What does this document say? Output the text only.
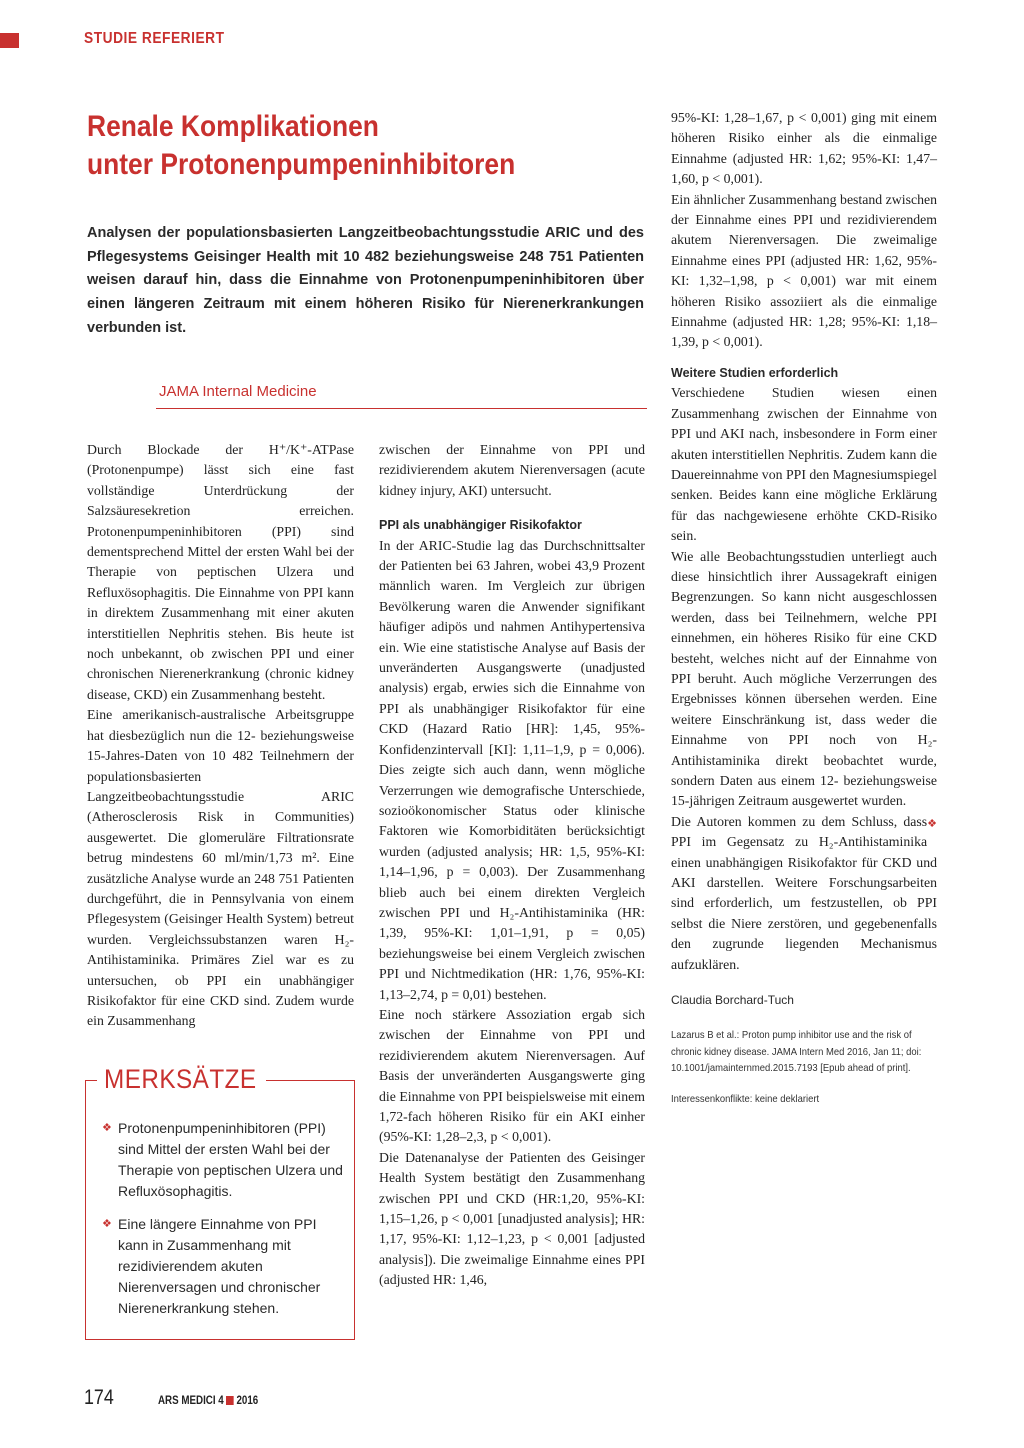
STUDIE REFERIERT
Renale Komplikationen
unter Protonenpumpeninhibitoren

Analysen der populationsbasierten Langzeitbeobachtungsstudie ARIC und des Pflegesystems Geisinger Health mit 10 482 beziehungsweise 248 751 Patienten weisen darauf hin, dass die Einnahme von Protonenpumpeninhibitoren über einen längeren Zeitraum mit einem höheren Risiko für Nierenerkrankungen verbunden ist.

JAMA Internal Medicine

Durch Blockade der H⁺/K⁺-ATPase (Protonenpumpe) lässt sich eine fast vollständige Unterdrückung der Salzsäuresekretion erreichen. Protonenpumpeninhibitoren (PPI) sind dementsprechend Mittel der ersten Wahl bei der Therapie von peptischen Ulzera und Refluxösophagitis. Die Einnahme von PPI kann in direktem Zusammenhang mit einer akuten interstitiellen Nephritis stehen. Bis heute ist noch unbekannt, ob zwischen PPI und einer chronischen Nierenerkrankung (chronic kidney disease, CKD) ein Zusammenhang besteht.

Eine amerikanisch-australische Arbeitsgruppe hat diesbezüglich nun die 12- beziehungsweise 15-Jahres-Daten von 10 482 Teilnehmern der populationsbasierten Langzeitbeobachtungsstudie ARIC (Atherosclerosis Risk in Communities) ausgewertet. Die glomeruläre Filtrationsrate betrug mindestens 60 ml/min/1,73 m². Eine zusätzliche Analyse wurde an 248 751 Patienten durchgeführt, die in Pennsylvania von einem Pflegesystem (Geisinger Health System) betreut wurden. Vergleichssubstanzen waren H₂-Antihistaminika. Primäres Ziel war es zu untersuchen, ob PPI ein unabhängiger Risikofaktor für eine CKD sind. Zudem wurde ein Zusammenhang

zwischen der Einnahme von PPI und rezidivierendem akutem Nierenversagen (acute kidney injury, AKI) untersucht.

PPI als unabhängiger Risikofaktor

In der ARIC-Studie lag das Durchschnittsalter der Patienten bei 63 Jahren, wobei 43,9 Prozent männlich waren. Im Vergleich zur übrigen Bevölkerung waren die Anwender signifikant häufiger adipös und nahmen Antihypertensiva ein. Wie eine statistische Analyse auf Basis der unveränderten Ausgangswerte (unadjusted analysis) ergab, erwies sich die Einnahme von PPI als unabhängiger Risikofaktor für eine CKD (Hazard Ratio [HR]: 1,45, 95%-Konfidenzintervall [KI]: 1,11–1,9, p = 0,006). Dies zeigte sich auch dann, wenn mögliche Verzerrungen wie demografische Unterschiede, sozioökonomischer Status oder klinische Faktoren wie Komorbiditäten berücksichtigt wurden (adjusted analysis; HR: 1,5, 95%-KI: 1,14–1,96, p = 0,003). Der Zusammenhang blieb auch bei einem direkten Vergleich zwischen PPI und H₂-Antihistaminika (HR: 1,39, 95%-KI: 1,01–1,91, p = 0,05) beziehungsweise bei einem Vergleich zwischen PPI und Nichtmedikation (HR: 1,76, 95%-KI: 1,13–2,74, p = 0,01) bestehen.

Eine noch stärkere Assoziation ergab sich zwischen der Einnahme von PPI und rezidivierendem akutem Nierenversagen. Auf Basis der unveränderten Ausgangswerte ging die Einnahme von PPI beispielsweise mit einem 1,72-fach höheren Risiko für ein AKI einher (95%-KI: 1,28–2,3, p < 0,001).

Die Datenanalyse der Patienten des Geisinger Health System bestätigt den Zusammenhang zwischen PPI und CKD (HR:1,20, 95%-KI: 1,15–1,26, p < 0,001 [unadjusted analysis]; HR: 1,17, 95%-KI: 1,12–1,23, p < 0,001 [adjusted analysis]). Die zweimalige Einnahme eines PPI (adjusted HR: 1,46,

95%-KI: 1,28–1,67, p < 0,001) ging mit einem höheren Risiko einher als die einmalige Einnahme (adjusted HR: 1,62; 95%-KI: 1,47–1,60, p < 0,001).

Ein ähnlicher Zusammenhang bestand zwischen der Einnahme eines PPI und rezidivierendem akutem Nierenversagen. Die zweimalige Einnahme eines PPI (adjusted HR: 1,62, 95%-KI: 1,32–1,98, p < 0,001) war mit einem höheren Risiko assoziiert als die einmalige Einnahme (adjusted HR: 1,28; 95%-KI: 1,18–1,39, p < 0,001).

Weitere Studien erforderlich

Verschiedene Studien wiesen einen Zusammenhang zwischen der Einnahme von PPI und AKI nach, insbesondere in Form einer akuten interstitiellen Nephritis. Zudem kann die Dauereinnahme von PPI den Magnesiumspiegel senken. Beides kann eine mögliche Erklärung für das nachgewiesene erhöhte CKD-Risiko sein.

Wie alle Beobachtungsstudien unterliegt auch diese hinsichtlich ihrer Aussagekraft einigen Begrenzungen. So kann nicht ausgeschlossen werden, dass bei Teilnehmern, welche PPI einnehmen, ein höheres Risiko für eine CKD besteht, welches nicht auf der Einnahme von PPI beruht. Auch mögliche Verzerrungen des Ergebnisses können übersehen werden. Eine weitere Einschränkung ist, dass weder die Einnahme von PPI noch von H₂-Antihistaminika direkt beobachtet wurde, sondern Daten aus einem 12- beziehungsweise 15-jährigen Zeitraum ausgewertet wurden.

❖
Die Autoren kommen zu dem Schluss, dass PPI im Gegensatz zu H₂-Antihistaminika einen unabhängigen Risikofaktor für CKD und AKI darstellen. Weitere Forschungsarbeiten sind erforderlich, um festzustellen, ob PPI selbst die Niere zerstören, und gegebenenfalls den zugrunde liegenden Mechanismus aufzuklären.

Claudia Borchard-Tuch
Lazarus B et al.: Proton pump inhibitor use and the risk of chronic kidney disease. JAMA Intern Med 2016, Jan 11; doi: 10.1001/jamainternmed.2015.7193 [Epub ahead of print].
Interessenkonflikte: keine deklariert
MERKSÄTZE
❖ Protonenpumpeninhibitoren (PPI) sind Mittel der ersten Wahl bei der Therapie von peptischen Ulzera und Refluxösophagitis.
❖ Eine längere Einnahme von PPI kann in Zusammenhang mit rezidivierendem akuten Nierenversagen und chronischer Nierenerkrankung stehen.
174	ARS MEDICI 4 2016
